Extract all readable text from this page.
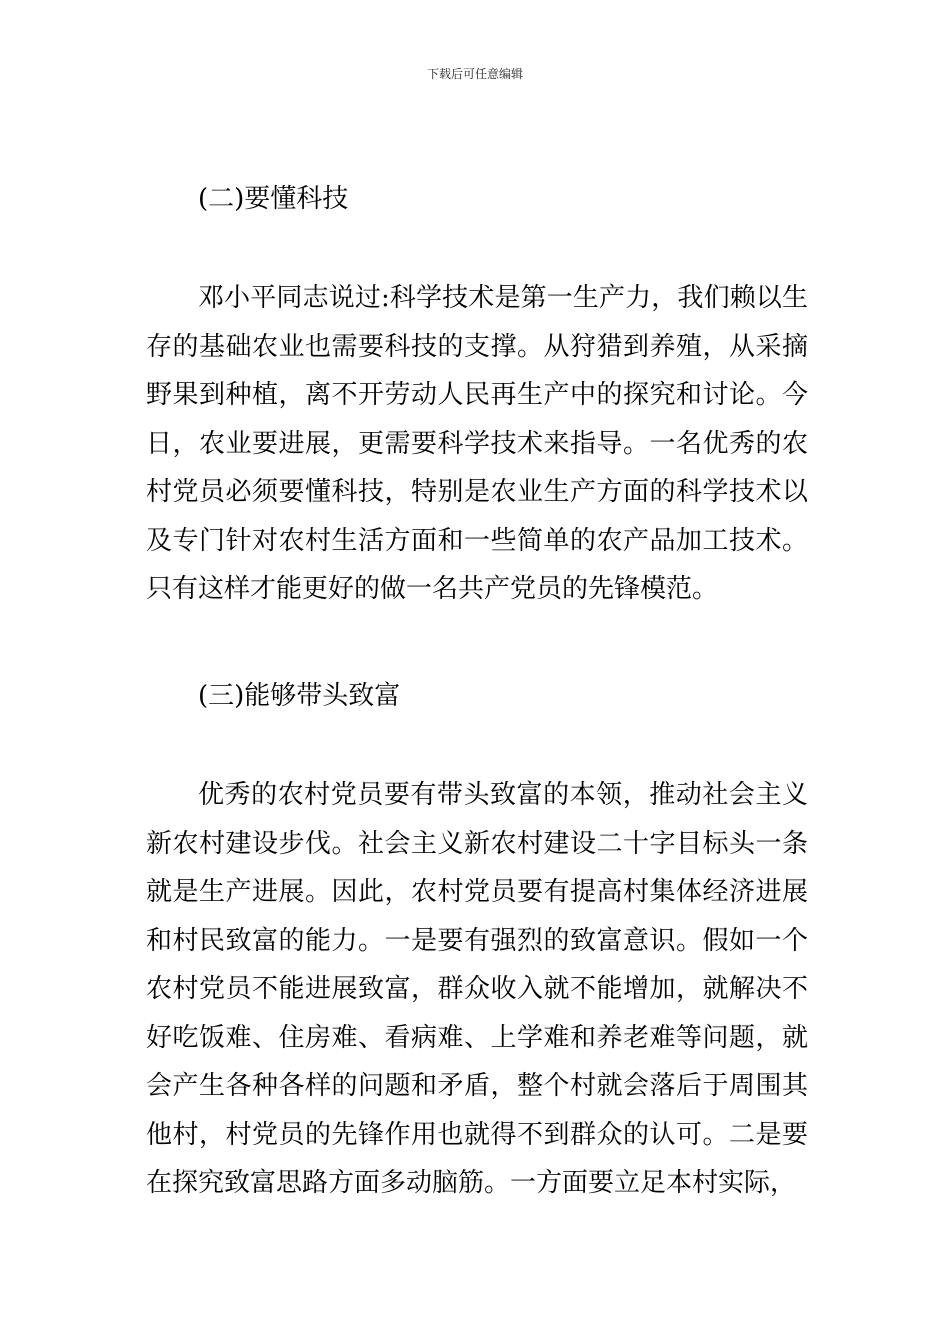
下载后可任意编辑
(二)要懂科技

邓小平同志说过:科学技术是第一生产力，我们赖以生存的基础农业也需要科技的支撑。从狩猎到养殖，从采摘野果到种植，离不开劳动人民再生产中的探究和讨论。今日，农业要进展，更需要科学技术来指导。一名优秀的农村党员必须要懂科技，特别是农业生产方面的科学技术以及专门针对农村生活方面和一些简单的农产品加工技术。只有这样才能更好的做一名共产党员的先锋模范。

(三)能够带头致富

优秀的农村党员要有带头致富的本领，推动社会主义新农村建设步伐。社会主义新农村建设二十字目标头一条就是生产进展。因此，农村党员要有提高村集体经济进展和村民致富的能力。一是要有强烈的致富意识。假如一个农村党员不能进展致富，群众收入就不能增加，就解决不好吃饭难、住房难、看病难、上学难和养老难等问题，就会产生各种各样的问题和矛盾，整个村就会落后于周围其他村，村党员的先锋作用也就得不到群众的认可。二是要在探究致富思路方面多动脑筋。一方面要立足本村实际，
